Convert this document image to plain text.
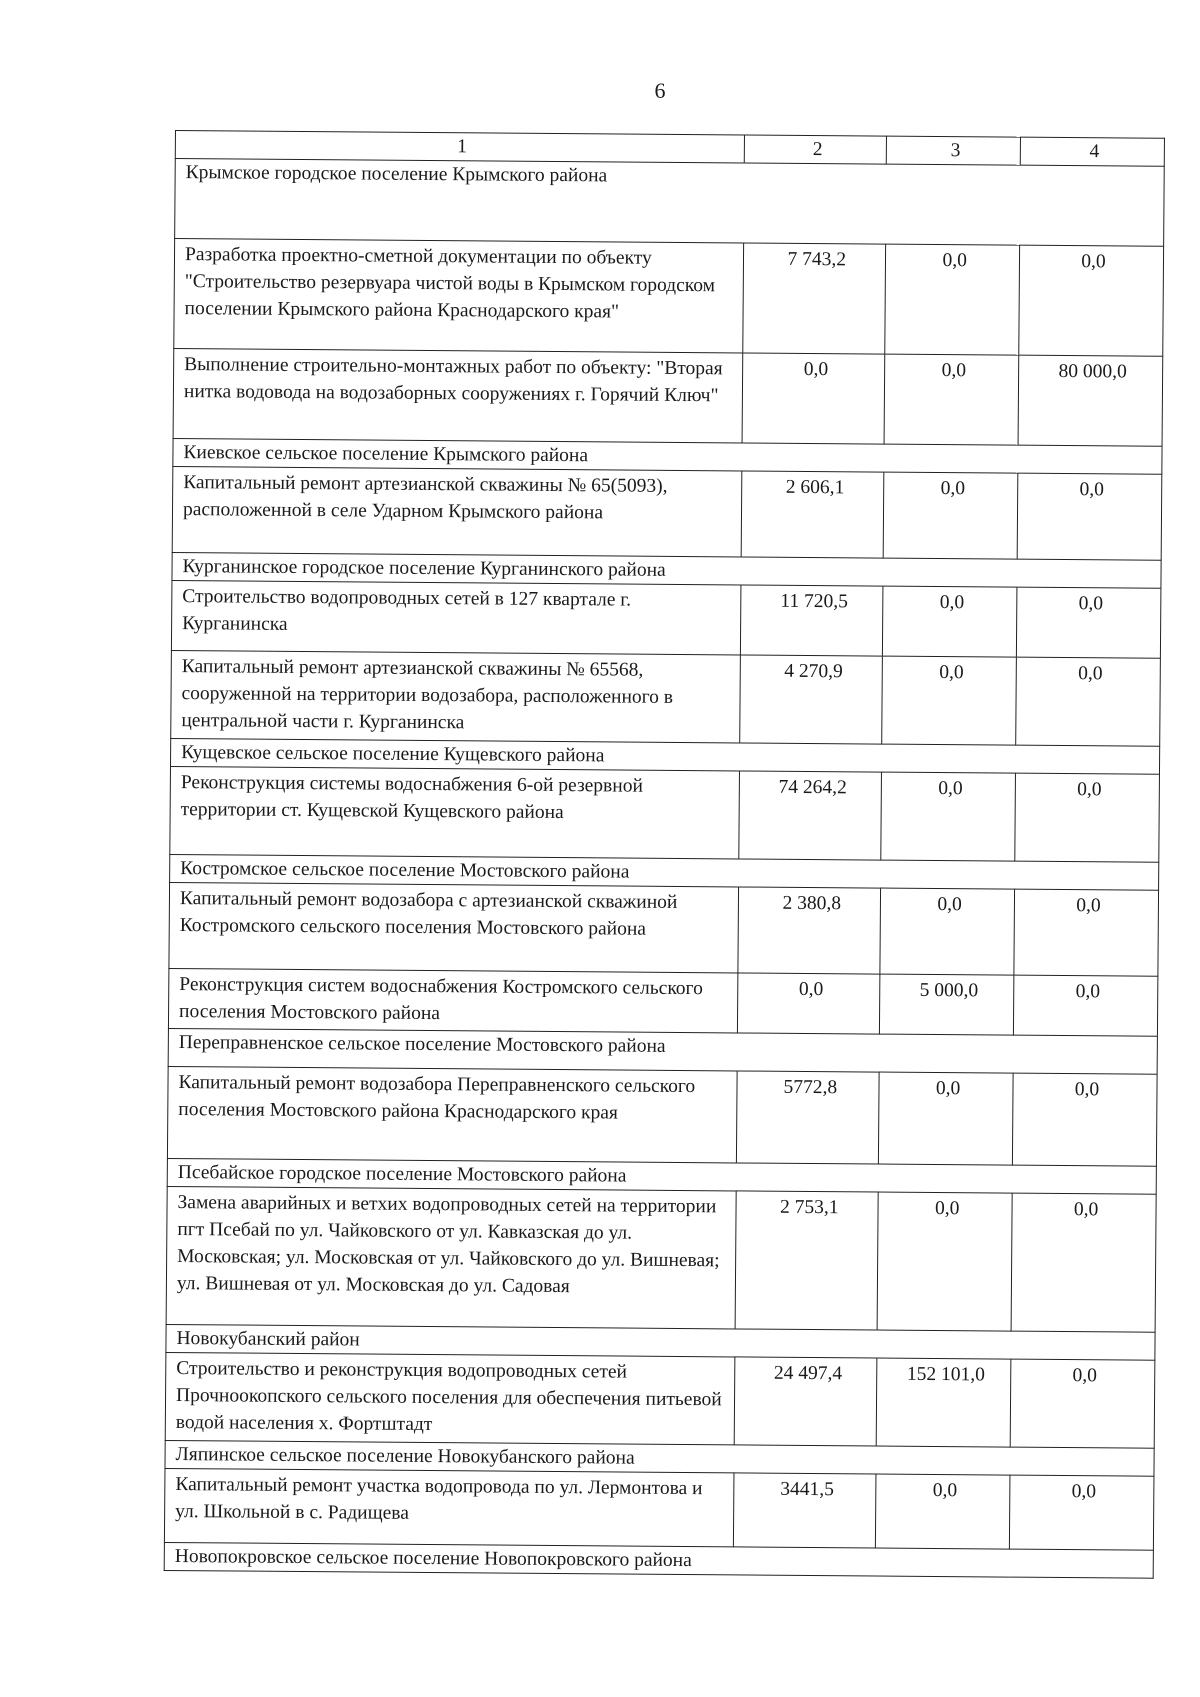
6
1	2	3	4
Крымское городское поселение Крымского района			
Разработка проектно-сметной документации по объекту "Строительство резервуара чистой воды в Крымском городском поселении Крымского района Краснодарского края"	7 743,2	0,0	0,0
Выполнение строительно-монтажных работ по объекту: "Вторая нитка водовода на водозаборных сооружениях г. Горячий Ключ"	0,0	0,0	80 000,0
Киевское сельское поселение Крымского района			
Капитальный ремонт артезианской скважины № 65(5093), расположенной в селе Ударном Крымского района	2 606,1	0,0	0,0
Курганинское городское поселение Курганинского района			
Строительство водопроводных сетей в 127 квартале г. Курганинска	11 720,5	0,0	0,0
Капитальный ремонт артезианской скважины № 65568, сооруженной на территории водозабора, расположенного в центральной части г. Курганинска	4 270,9	0,0	0,0
Кущевское сельское поселение Кущевского района			
Реконструкция системы водоснабжения 6-ой резервной территории ст. Кущевской Кущевского района	74 264,2	0,0	0,0
Костромское сельское поселение Мостовского района			
Капитальный ремонт водозабора с артезианской скважиной Костромского сельского поселения Мостовского района	2 380,8	0,0	0,0
Реконструкция систем водоснабжения Костромского сельского поселения Мостовского района	0,0	5 000,0	0,0
Переправненское сельское поселение Мостовского района			
Капитальный ремонт водозабора Переправненского сельского поселения Мостовского района Краснодарского края	5772,8	0,0	0,0
Псебайское городское поселение Мостовского района			
Замена аварийных и ветхих водопроводных сетей на территории пгт Псебай по ул. Чайковского от ул. Кавказская до ул. Московская; ул. Московская от ул. Чайковского до ул. Вишневая; ул. Вишневая от ул. Московская до ул. Садовая	2 753,1	0,0	0,0
Новокубанский район			
Строительство и реконструкция водопроводных сетей Прочноокопского сельского поселения для обеспечения питьевой водой населения х. Фортштадт	24 497,4	152 101,0	0,0
Ляпинское сельское поселение Новокубанского района			
Капитальный ремонт участка водопровода по ул. Лермонтова и ул. Школьной в с. Радищева	3441,5	0,0	0,0
Новопокровское сельское поселение Новопокровского района			
